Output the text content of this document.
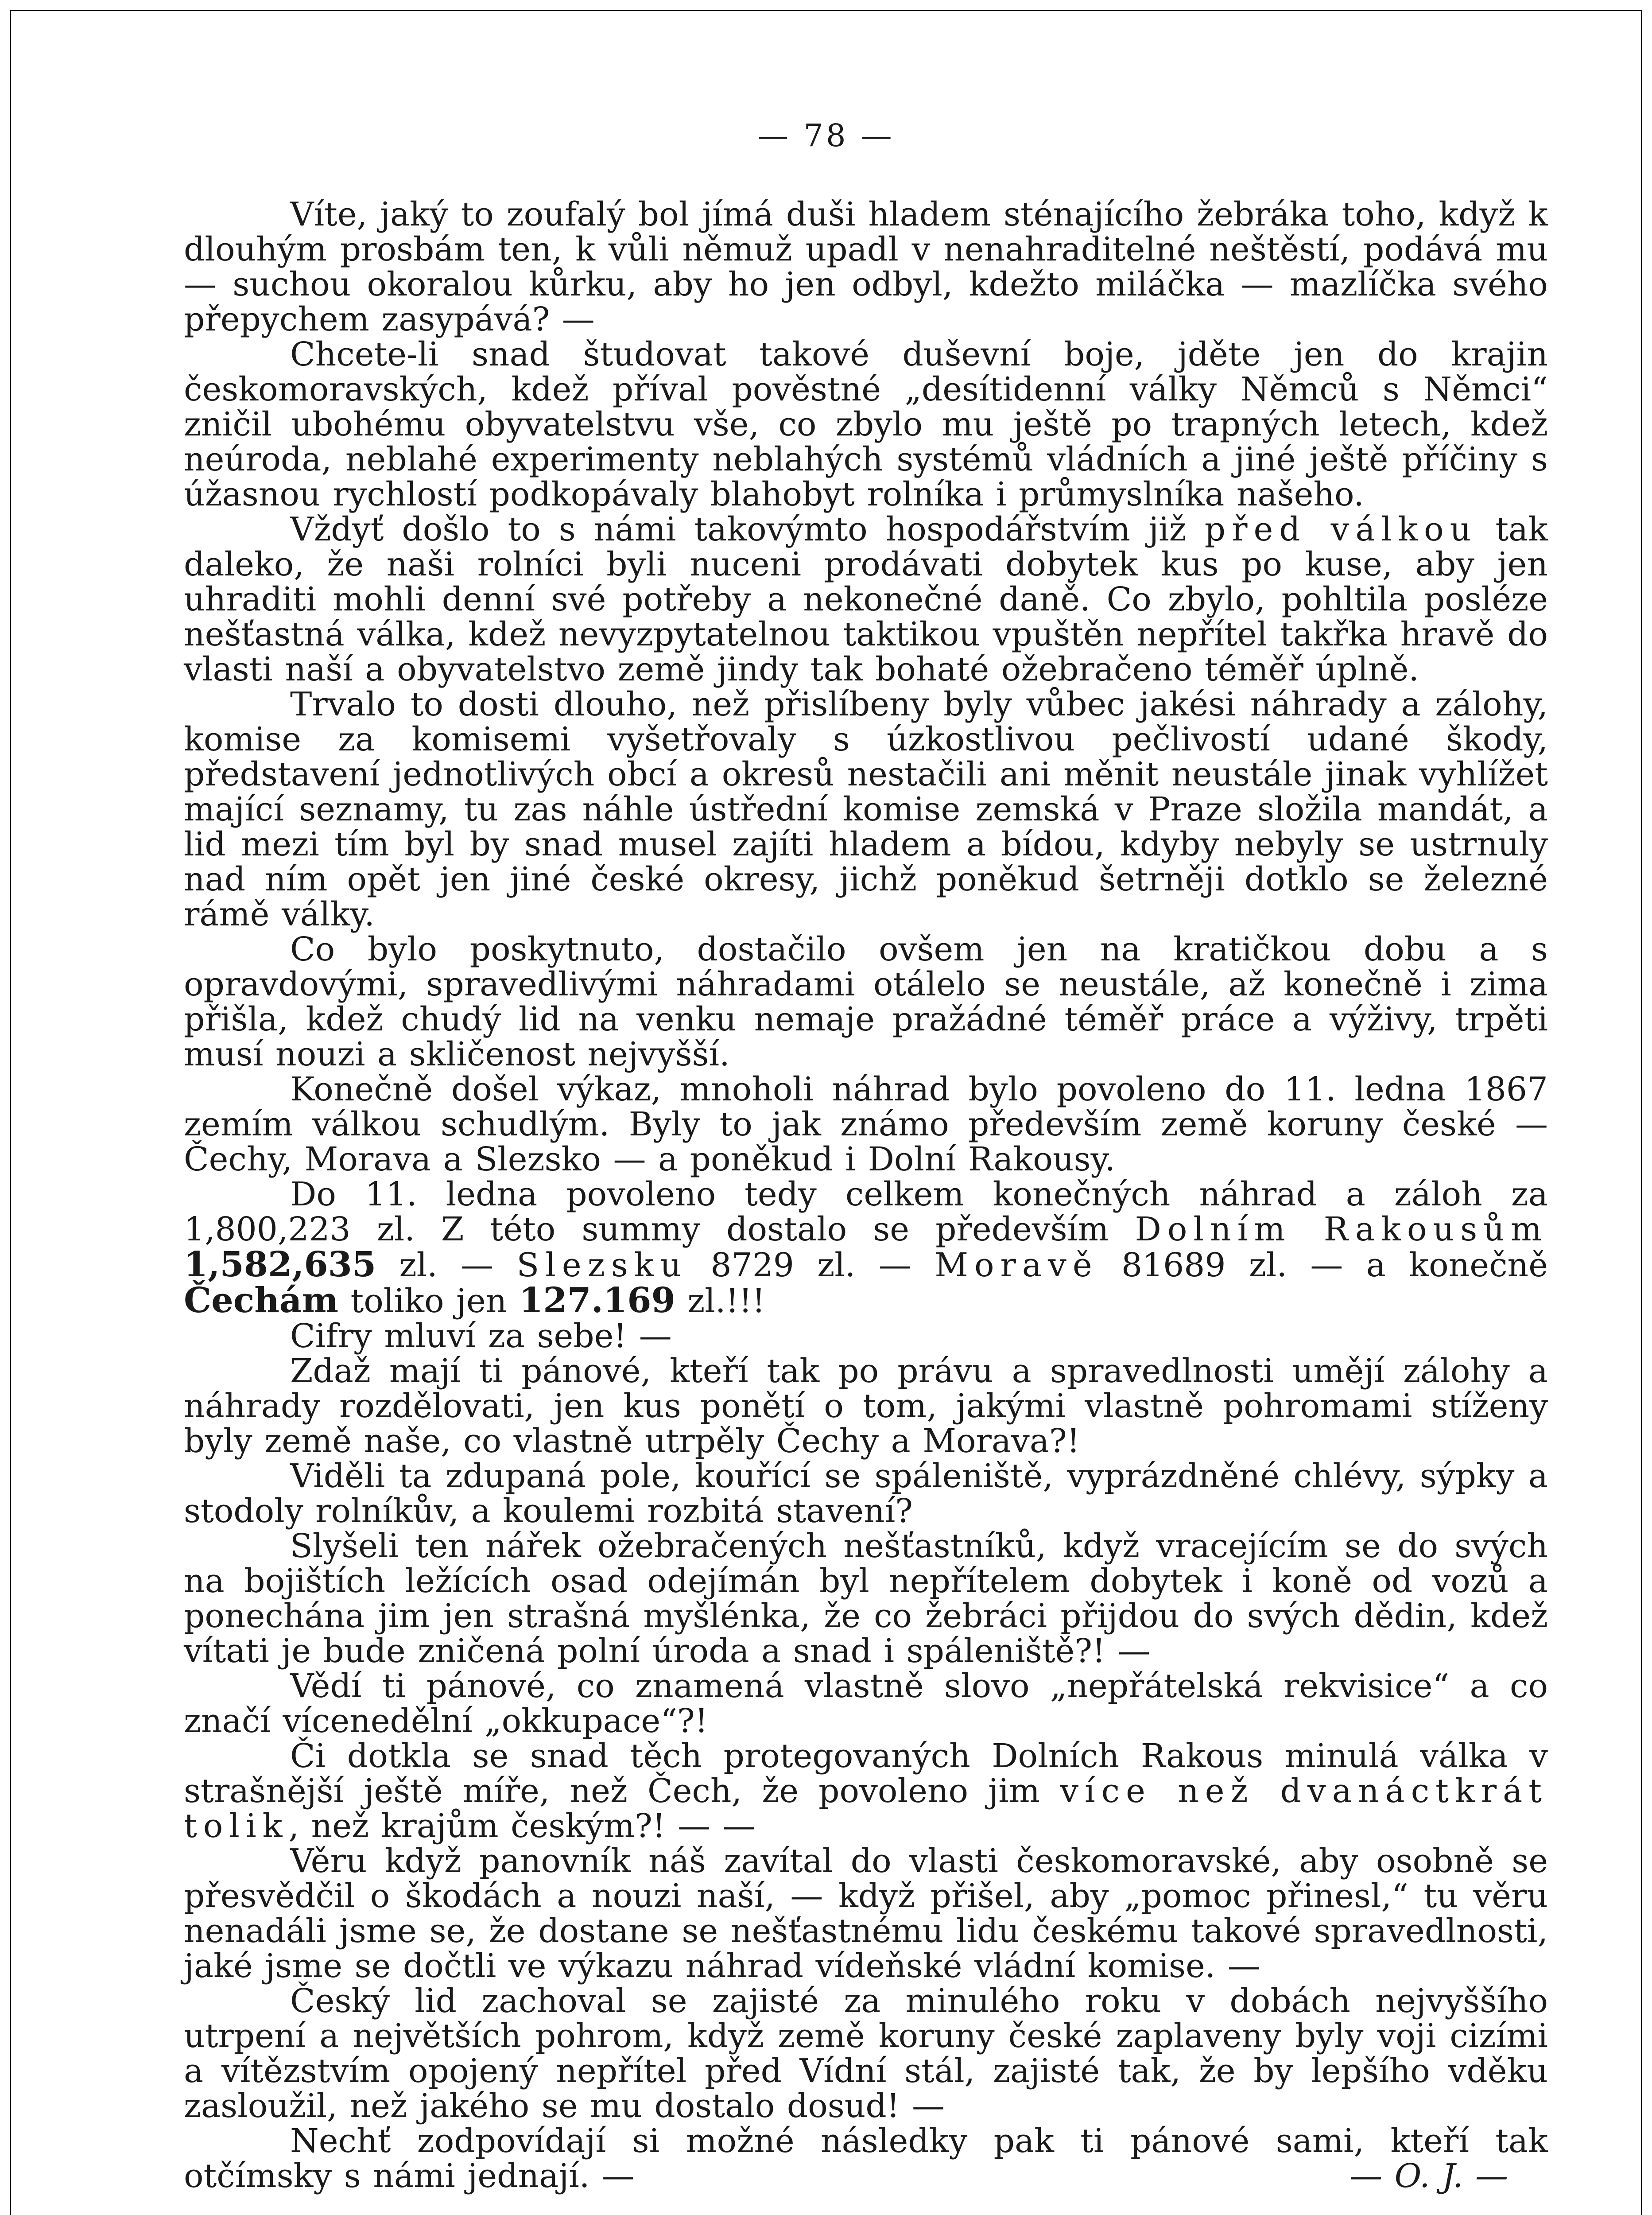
— 78 —

Víte, jaký to zoufalý bol jímá duši hladem sténajícího žebráka toho, když k dlouhým prosbám ten, k vůli němuž upadl v nenahraditelné neštěstí, podává mu — suchou okoralou kůrku, aby ho jen odbyl, kdežto miláčka — mazlíčka svého přepychem zasypává? —

Chcete-li snad študovat takové duševní boje, jděte jen do krajin českomoravských, kdež příval pověstné „desítidenní války Němců s Němci“ zničil ubohému obyvatelstvu vše, co zbylo mu ještě po trapných letech, kdež neúroda, neblahé experimenty neblahých systémů vládních a jiné ještě příčiny s úžasnou rychlostí podkopávaly blahobyt rolníka i průmyslníka našeho.

Vždyť došlo to s námi takovýmto hospodářstvím již před válkou tak daleko, že naši rolníci byli nuceni prodávati dobytek kus po kuse, aby jen uhraditi mohli denní své potřeby a nekonečné daně. Co zbylo, pohltila posléze nešťastná válka, kdež nevyzpytatelnou taktikou vpuštěn nepřítel takřka hravě do vlasti naší a obyvatelstvo země jindy tak bohaté ožebračeno téměř úplně.

Trvalo to dosti dlouho, než přislíbeny byly vůbec jakési náhrady a zálohy, komise za komisemi vyšetřovaly s úzkostlivou pečlivostí udané škody, představení jednotlivých obcí a okresů nestačili ani měnit neustále jinak vyhlížet mající seznamy, tu zas náhle ústřední komise zemská v Praze složila mandát, a lid mezi tím byl by snad musel zajíti hladem a bídou, kdyby nebyly se ustrnuly nad ním opět jen jiné české okresy, jichž poněkud šetrněji dotklo se železné rámě války.

Co bylo poskytnuto, dostačilo ovšem jen na kratičkou dobu a s opravdovými, spravedlivými náhradami otálelo se neustále, až konečně i zima přišla, kdež chudý lid na venku nemaje pražádné téměř práce a výživy, trpěti musí nouzi a skličenost nejvyšší.

Konečně došel výkaz, mnoholi náhrad bylo povoleno do 11. ledna 1867 zemím válkou schudlým. Byly to jak známo především země koruny české — Čechy, Morava a Slezsko — a poněkud i Dolní Rakousy.

Do 11. ledna povoleno tedy celkem konečných náhrad a záloh za 1,800,223 zl. Z této summy dostalo se především Dolním Rakousům 1,582,635 zl. — Slezsku 8729 zl. — Moravě 81689 zl. — a konečně Čechám toliko jen 127.169 zl.!!!

Cifry mluví za sebe! —

Zdaž mají ti pánové, kteří tak po právu a spravedlnosti umějí zálohy a náhrady rozdělovati, jen kus ponětí o tom, jakými vlastně pohromami stíženy byly země naše, co vlastně utrpěly Čechy a Morava?!

Viděli ta zdupaná pole, kouřící se spáleniště, vyprázdněné chlévy, sýpky a stodoly rolníkův, a koulemi rozbitá stavení?

Slyšeli ten nářek ožebračených nešťastníků, když vracejícím se do svých na bojištích ležících osad odejímán byl nepřítelem dobytek i koně od vozů a ponechána jim jen strašná myšlénka, že co žebráci přijdou do svých dědin, kdež vítati je bude zničená polní úroda a snad i spáleniště?! —

Vědí ti pánové, co znamená vlastně slovo „nepřátelská rekvisice“ a co značí vícenedělní „okkupace“?!

Či dotkla se snad těch protegovaných Dolních Rakous minulá válka v strašnější ještě míře, než Čech, že povoleno jim více než dvanáctkrát tolik, než krajům českým?! — —

Věru když panovník náš zavítal do vlasti českomoravské, aby osobně se přesvědčil o škodách a nouzi naší, — když přišel, aby „pomoc přinesl,“ tu věru nenadáli jsme se, že dostane se nešťastnému lidu českému takové spravedlnosti, jaké jsme se dočtli ve výkazu náhrad vídeňské vládní komise. —

Český lid zachoval se zajisté za minulého roku v dobách nejvyššího utrpení a největších pohrom, když země koruny české zaplaveny byly voji cizími a vítězstvím opojený nepřítel před Vídní stál, zajisté tak, že by lepšího vděku zasloužil, než jakého se mu dostalo dosud! —

Nechť zodpovídají si možné následky pak ti pánové sami, kteří tak otčímsky s námi jednají. —	— O. J. —
